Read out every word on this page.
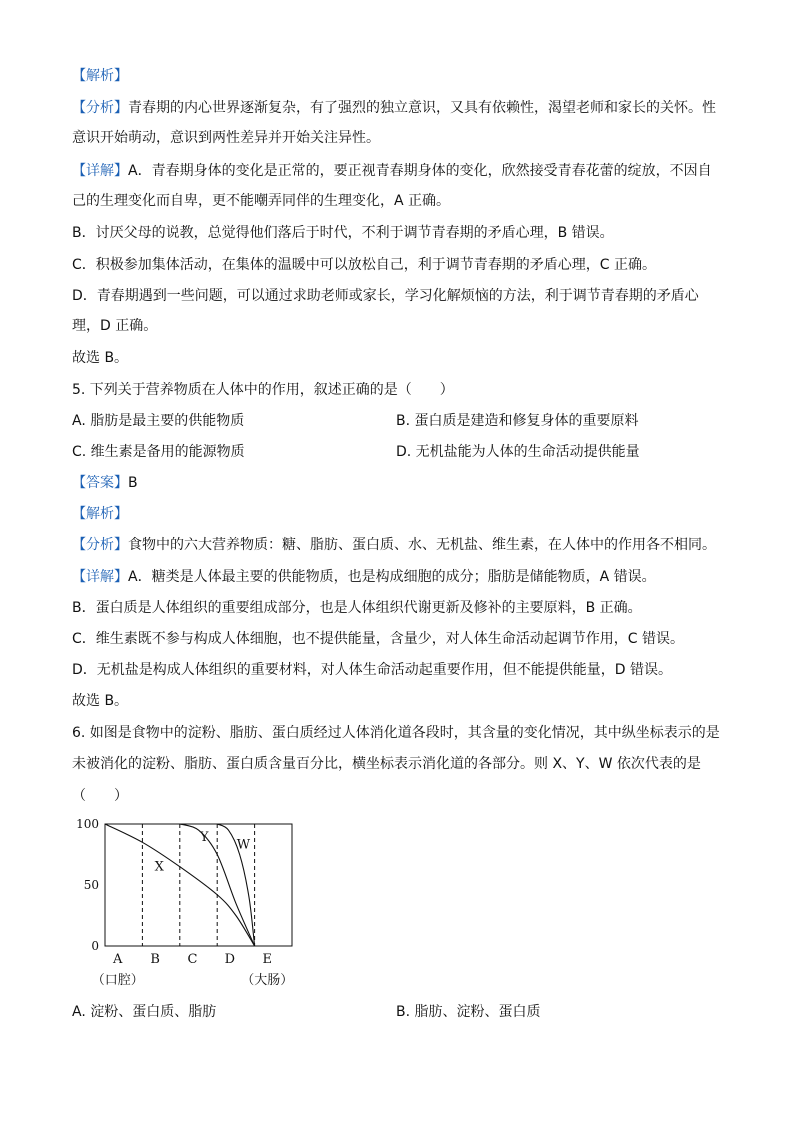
【解析】
【分析】青春期的内心世界逐渐复杂，有了强烈的独立意识，又具有依赖性，渴望老师和家长的关怀。性
意识开始萌动，意识到两性差异并开始关注异性。
【详解】A．青春期身体的变化是正常的，要正视青春期身体的变化，欣然接受青春花蕾的绽放，不因自
己的生理变化而自卑，更不能嘲弄同伴的生理变化，A 正确。
B．讨厌父母的说教，总觉得他们落后于时代，不利于调节青春期的矛盾心理，B 错误。
C．积极参加集体活动，在集体的温暖中可以放松自己，利于调节青春期的矛盾心理，C 正确。
D．青春期遇到一些问题，可以通过求助老师或家长，学习化解烦恼的方法，利于调节青春期的矛盾心
理，D 正确。
故选 B。
5. 下列关于营养物质在人体中的作用，叙述正确的是（　　）
A. 脂肪是最主要的供能物质	B. 蛋白质是建造和修复身体的重要原料
C. 维生素是备用的能源物质	D. 无机盐能为人体的生命活动提供能量
【答案】B
【解析】
【分析】食物中的六大营养物质：糖、脂肪、蛋白质、水、无机盐、维生素，在人体中的作用各不相同。
【详解】A．糖类是人体最主要的供能物质，也是构成细胞的成分；脂肪是储能物质，A 错误。
B．蛋白质是人体组织的重要组成部分，也是人体组织代谢更新及修补的主要原料，B 正确。
C．维生素既不参与构成人体细胞，也不提供能量，含量少，对人体生命活动起调节作用，C 错误。
D．无机盐是构成人体组织的重要材料，对人体生命活动起重要作用，但不能提供能量，D 错误。
故选 B。
6. 如图是食物中的淀粉、脂肪、蛋白质经过人体消化道各段时，其含量的变化情况，其中纵坐标表示的是
未被消化的淀粉、脂肪、蛋白质含量百分比，横坐标表示消化道的各部分。则 X、Y、W 依次代表的是
（　　）
100
50
0
A
（口腔）
B C D E
（大肠）
X
Y W
A. 淀粉、蛋白质、脂肪	B. 脂肪、淀粉、蛋白质
